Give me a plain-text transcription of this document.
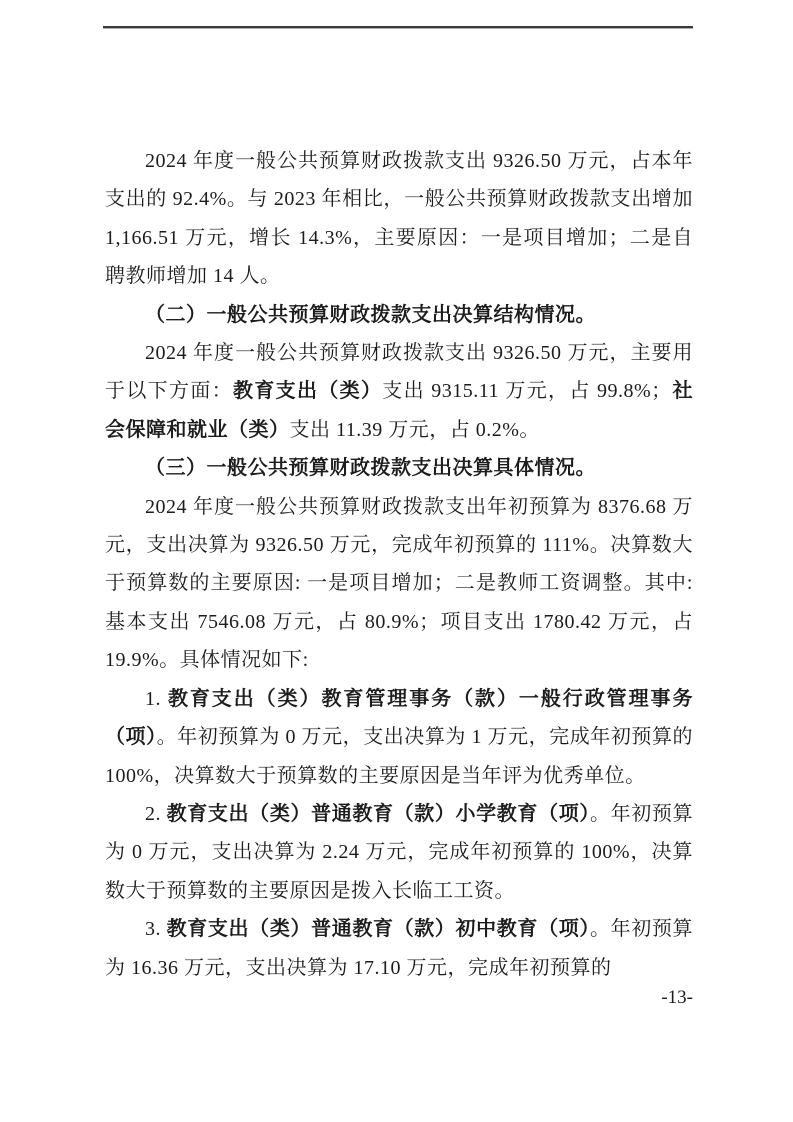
2024 年度一般公共预算财政拨款支出 9326.50 万元，占本年支出的 92.4%。与 2023 年相比，一般公共预算财政拨款支出增加 1,166.51 万元，增长 14.3%，主要原因：一是项目增加；二是自聘教师增加 14 人。

（二）一般公共预算财政拨款支出决算结构情况。

2024 年度一般公共预算财政拨款支出 9326.50 万元，主要用于以下方面：教育支出（类）支出 9315.11 万元，占 99.8%；社会保障和就业（类）支出 11.39 万元，占 0.2%。

（三）一般公共预算财政拨款支出决算具体情况。

2024 年度一般公共预算财政拨款支出年初预算为 8376.68 万元，支出决算为 9326.50 万元，完成年初预算的 111%。决算数大于预算数的主要原因: 一是项目增加；二是教师工资调整。其中: 基本支出 7546.08 万元，占 80.9%；项目支出 1780.42 万元，占 19.9%。具体情况如下:

1. 教育支出（类）教育管理事务（款）一般行政管理事务（项）。年初预算为 0 万元，支出决算为 1 万元，完成年初预算的 100%，决算数大于预算数的主要原因是当年评为优秀单位。

2. 教育支出（类）普通教育（款）小学教育（项）。年初预算为 0 万元，支出决算为 2.24 万元，完成年初预算的 100%，决算数大于预算数的主要原因是拨入长临工工资。

3. 教育支出（类）普通教育（款）初中教育（项）。年初预算为 16.36 万元，支出决算为 17.10 万元，完成年初预算的

-13-
